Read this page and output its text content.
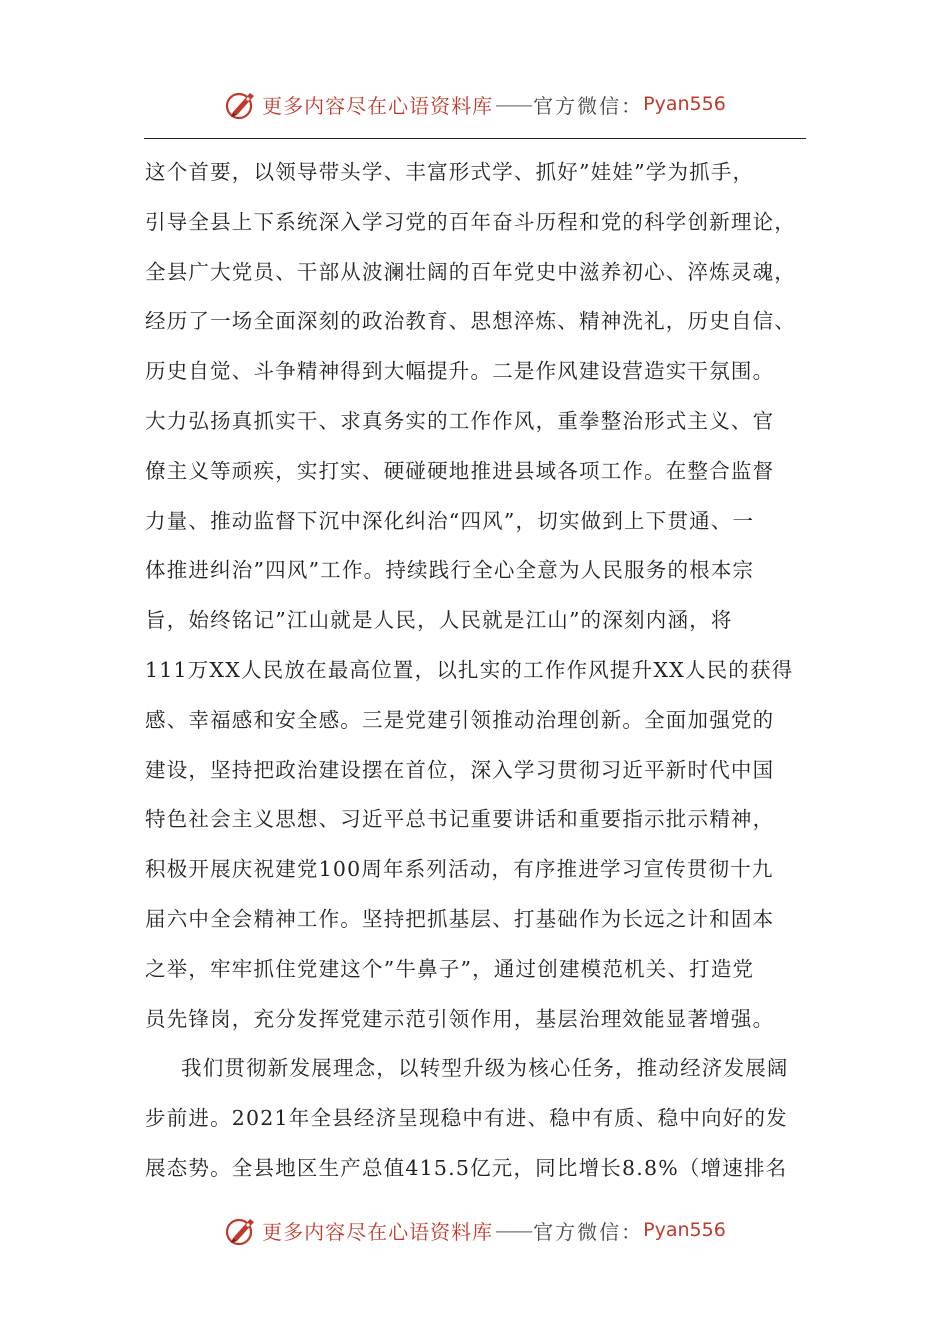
更多内容尽在心语资料库 —— 官方微信： Pyan556
这个首要，以领导带头学、丰富形式学、抓好”娃娃”学为抓手，
引导全县上下系统深入学习党的百年奋斗历程和党的科学创新理论，
全县广大党员、干部从波澜壮阔的百年党史中滋养初心、淬炼灵魂，
经历了一场全面深刻的政治教育、思想淬炼、精神洗礼，历史自信、
历史自觉、斗争精神得到大幅提升。二是作风建设营造实干氛围。
大力弘扬真抓实干、求真务实的工作作风，重拳整治形式主义、官
僚主义等顽疾，实打实、硬碰硬地推进县域各项工作。在整合监督
力量、推动监督下沉中深化纠治“四风”，切实做到上下贯通、一
体推进纠治”四风”工作。持续践行全心全意为人民服务的根本宗
旨，始终铭记”江山就是人民，人民就是江山”的深刻内涵，将
111万XX人民放在最高位置，以扎实的工作作风提升XX人民的获得
感、幸福感和安全感。三是党建引领推动治理创新。全面加强党的
建设，坚持把政治建设摆在首位，深入学习贯彻习近平新时代中国
特色社会主义思想、习近平总书记重要讲话和重要指示批示精神，
积极开展庆祝建党100周年系列活动，有序推进学习宣传贯彻十九
届六中全会精神工作。坚持把抓基层、打基础作为长远之计和固本
之举，牢牢抓住党建这个”牛鼻子”，通过创建模范机关、打造党
员先锋岗，充分发挥党建示范引领作用，基层治理效能显著增强。
我们贯彻新发展理念，以转型升级为核心任务，推动经济发展阔
步前进。2021年全县经济呈现稳中有进、稳中有质、稳中向好的发
展态势。全县地区生产总值415.5亿元，同比增长8.8%（增速排名
更多内容尽在心语资料库 —— 官方微信： Pyan556
